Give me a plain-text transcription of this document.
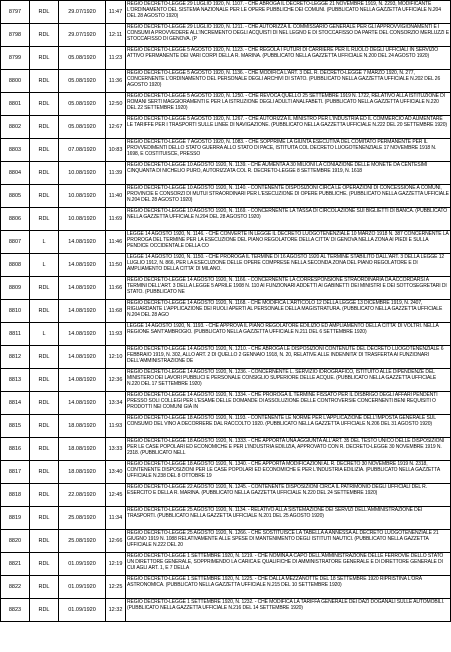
8797	RDL	29.07/1920	11:47	REGIO DECRETO-LEGGE 29 LUGLIO 1920, N. 1107. - CHE ABROGA IL DECRETO-LEGGE 21 NOVEMBRE 1919, N. 2293, MODIFICANTE L'ORDINAMENTO DEL SISTEMA NAZIONALE PER LE OPERE PUBBLICHE DEI COMUNI. (PUBBLICATO NELLA GAZZETTA UFFICIALE N.204 DEL 28 AGOSTO 1920)
8798	RDL	29.07/1920	12:11	REGIO DECRETO-LEGGE 29 LUGLIO 1920, N. 1211. - CHE AUTORIZZA IL COMMISSARIO GENERALE PER GLI APPROVVIGIONAMENTI E I CONSUMI A PROVVEDERE ALL'INCREMENTO DEGLI ACQUISTI DI NEL LEGNO E DI STOCCAFISSO DA PARTE DEL CONSORZIO MERLUZZI E STOCCAFISSO DI GENOVA. (P
8799	RDL	05.08/1920	11:23	REGIO DECRETO-LEGGE 5 AGOSTO 1920, N. 1123. - CHE REGOLA I FUTURI DI CARRIERE PER IL RUOLO DEGLI UFFICIALI IN SERVIZIO ATTIVO PERMANENTE DEI VARI CORPI DELLA R. MARINA. (PUBBLICATO NELLA GAZZETTA UFFICIALE N.200 DEL 24 AGOSTO 1920)
8800	RDL	05.08/1920	11:36	REGIO DECRETO-LEGGE 5 AGOSTO 1920, N. 1136. - CHE MODIFICA L'ART. 3 DEL R. DECRETO-LEGGE 7 MARZO 1920, N. 277, CONCERNENTE L'ORDINAMENTO DEL PERSONALE DEGLI ARCHIVI DI STATO. (PUBBLICATO NELLA GAZZETTA UFFICIALE N.202 DEL 26 AGOSTO 1920)
8801	RDL	05.08/1920	12:50	REGIO DECRETO-LEGGE 5 AGOSTO 1920, N. 1250. - CHE REVOCA QUELLO 25 SETTEMBRE 1919 N. 1722, RELATIVO ALLA ISTITUZIONE DI ROMANI SERTI MAGGIORAMENTI E PER LA ISTRUZIONE DEGLI ADULTI ANALFABETI. (PUBBLICATO NELLA GAZZETTA UFFICIALE N.220 DEL 22 SETTEMBRE 1920)
8802	RDL	05.08/1920	12:67	REGIO DECRETO-LEGGE 5 AGOSTO 1920, N. 1267. - CHE AUTORIZZA IL MINISTRO PER L'INDUSTRIA ED IL COMMERCIO AD AUMENTARE LE TARIFFE PER I TRASPORTI SULLE LINEE DI NAVIGAZIONE. (PUBBLICATO NELLA GAZZETTA UFFICIALE N.222 DEL 20 SETTEMBRE 1920)
8803	RDL	07.08/1920	10:83	REGIO DECRETO-LEGGE 7 AGOSTO 1920, N. 1083. - CHE SOPPRIME LA GIUNTA ESECUTIVA DEL COMITATO PERMANENTE PER IL PROVVEDIMENTI DELLO STATO GUERRA ALLO STATO DI PACE, ISTITUITA COL DECRETO LUOGOTENENZIALE 17 NOVEMBRE 1918 N. 1698, E COSTITUISCE, PRESSO
8804	RDL	10.08/1920	11:39	REGIO DECRETO-LEGGE 10 AGOSTO 1920, N. 1139. - CHE AUMENTA A 30 MILIONI LA CONIAZIONE DELLE MONETE DA CENTESIMI CINQUANTA DI NICHELIO PURO, AUTORIZZATA COL R. DECRETO-LEGGE 8 SETTEMBRE 1919, N. 1618
8805	RDL	10.08/1920	11:40	REGIO DECRETO-LEGGE 10 AGOSTO 1920, N. 1140. - CONTENENTE DISPOSIZIONI CIRCA LE OPERAZIONI DI CONCESSIONE A COMUNI, PROVINCIE E CONSORZI DI MUTUI STRAORDINARI PER L'ESECUZIONE DI OPERE PUBBLICHE. (PUBBLICATO NELLA GAZZETTA UFFICIALE N.204 DEL 28 AGOSTO 1920)
8806	RDL	10.08/1920	11:69	REGIO DECRETO-LEGGE 10 AGOSTO 1920, N. 1169. - CONCERNENTE LA TASSA DI CIRCOLAZIONE SUI BIGLIETTI DI BANCA. (PUBBLICATO NELLA GAZZETTA UFFICIALE N.204 DEL 28 AGOSTO 1920)
8807	L	14.08/1920	11:46	LEGGE 14 AGOSTO 1920, N. 1146. - CHE CONVERTE IN LEGGE IL DECRETO LUOGOTENENZIALE 10 MARZO 1918 N. 387 CONCERNENTE LA PROROGA DEL TERMINE PER LA ESECUZIONE DEL PIANO REGOLATORE DELLA CITTA' DI GENOVA NELLA ZONA AI PIEDI E SULLA PENDICE OCCIDENTALE DELLA CO
8808	L	14.08/1920	11:50	LEGGE 14 AGOSTO 1920, N. 1150. - CHE PROROGA IL TERMINE DI 16 AGOSTO 1920 AL TERMINE STABILITO DALL'ART. 3 DELLA LEGGE 12 LUGLIO 1912, N. 866, PER LA ESECUZIONE DELLE OPERE COMPRESE NELLA SECONDA ZONA DEL PIANO REGOLATORE E DI AMPLIAMENTO DELLA CITTA' DI MILANO.
8809	RDL	14.08/1920	11:66	REGIO DECRETO-LEGGE 14 AGOSTO 1920, N. 1166. - CONCERNENTE LA CORRESPONSIONE STRAORDINARIA DA ACCORDARSI A TERMINI DELL'ART. 3 DELLA LEGGE 5 APRILE 1908 N. 110 AI FUNZIONARI ADDETTI AI GABINETTI DEI MINISTRI E DEI SOTTOSEGRETARI DI STATO. (PUBBLICATO NE
8810	RDL	14.08/1920	11:68	REGIO DECRETO-LEGGE 14 AGOSTO 1920, N. 1168. - CHE MODIFICA L'ARTICOLO 12 DELLA LEGGE 13 DICEMBRE 1919, N. 2407, RIGUARDANTE L'APPLICAZIONE DEI RUOLI APERTI AL PERSONALE DELLA MAGISTRATURA. (PUBBLICATO NELLA GAZZETTA UFFICIALE N.204 DEL 28 AGO
8811	L	14.08/1920	11:93	LEGGE 14 AGOSTO 1920, N. 1193. - CHE APPROVA IL PIANO REGOLATORE EDILIZIO ED AMPLIAMENTO DELLA CITTA' DI VOLTRI. NELLA REGIONE SANT'AMBROGIO. (PUBBLICATO NELLA GAZZETTA UFFICIALE N.211 DEL 6 SETTEMBRE 1920)
8812	RDL	14.08/1920	12:10	REGIO DECRETO-LEGGE 14 AGOSTO 1920, N. 1210. - CHE ABROGA LE DISPOSIZIONI CONTENUTE DEL DECRETO LUOGOTENENZIALE 6 FEBBRAIO 1919, N. 302, ALLO ART. 2 DI QUELLO 2 GENNAIO 1918, N. 20, RELATIVE ALLE INDENNITA' DI TRASFERTA AI FUNZIONARI DELL'AMMINISTRAZIONE DE
8813	RDL	14.08/1920	12:36	REGIO DECRETO-LEGGE 14 AGOSTO 1920, N. 1236. - CONCERNENTE L. SERVIZIO IDROGRAFICO, ISTITUITO ALLE DIPENDENZE DEL MINISTERO DEI LAVORI PUBBLICI E PERSONALE CONSIGLIO SUPERIORE DELLE ACQUE. (PUBBLICATO NELLA GAZZETTA UFFICIALE N.220 DEL 17 SETTEMBRE 1920)
8814	RDL	14.08/1920	13:34	REGIO DECRETO-LEGGE 14 AGOSTO 1920, N. 1334. - CHE PROROGA IL TERMINE FISSATO PER IL DISBRIGO DEGLI AFFARI PENDENTI PRESSO SOLI COLLEGI PER L'ESAME DELLE DOMANDE DI ASSOLUZIONE DELLE CONTROVERSIE CONCERNENTI BENI REQUISITI O PRODOTTI NEI COMUNI GIÀ IN
8815	RDL	18.08/1920	11:93	REGIO DECRETO-LEGGE 18 AGOSTO 1920, N. 1193. - CONTENENTE LE NORME PER L'APPLICAZIONE DELL'IMPOSTA GENERALE SUL CONSUMO DEL VINO A DECORRERE DAL RACCOLTO 1920. (PUBBLICATO NELLA GAZZETTA UFFICIALE N.206 DEL 31 AGOSTO 1920)
8816	RDL	18.08/1920	13:33	REGIO DECRETO-LEGGE 18 AGOSTO 1920, N. 1333. - CHE APPORTA UNA AGGIUNTA ALL'ART. 35 DEL TESTO UNICO DELLE DISPOSIZIONI PER LE CASE POPOLARI ED ECONOMICHE E PER L'INDUSTRIA EDILIZIA, APPROVATO CON R. DECRETO-LEGGE 30 NOVEMBRE 1919 N. 2318. (PUBBLICATO NELL
8817	RDL	18.08/1920	13:40	REGIO DECRETO-LEGGE 18 AGOSTO 1920, N. 1340. - CHE APPORTA MODIFICAZIONI AL R. DECRETO 30 NOVEMBRE 1919 N. 2318, CONTENENTE DISPOSIZIONI PER LE CASE POPOLARI ED ECONOMICHE E PER L'INDUSTRIA EDILIZIA. (PUBBLICATO NELLA GAZZETTA UFFICIALE N.238 DEL 8 OTTOBRE 19
8818	RDL	22.08/1920	12:45	REGIO DECRETO-LEGGE 22 AGOSTO 1920, N. 1245. - CONTENENTE DISPOSIZIONI CIRCA IL PATRIMONIO DEGLI UFFICIALI DEL R. ESERCITO E DELLA R. MARINA. (PUBBLICATO NELLA GAZZETTA UFFICIALE N.220 DEL 24 SETTEMBRE 1920)
8819	RDL	25.08/1920	11:34	REGIO DECRETO-LEGGE 25 AGOSTO 1920, N. 1134. - RELATIVO ALLA SISTEMAZIONE DEI SERVIZI DELL'AMMINISTRAZIONE DEI TRASPORTI. (PUBBLICATO NELLA GAZZETTA UFFICIALE N.201 DEL 25 AGOSTO 1920)
8820	RDL	25.08/1920	12:66	REGIO DECRETO-LEGGE 25 AGOSTO 1920, N. 1266. - CHE SOSTITUISCE LA TABELLA A ANNESSA AL DECRETO LUOGOTENENZIALE 21 GIUGNO 1919 N. 1088 RELATIVAMENTE ALLE SPESE DI MANTENIMENTO DEGLI ISTITUTI NAUTICI. (PUBBLICATO NELLA GAZZETTA UFFICIALE N.222 DEL 20
8821	RDL	01.09/1920	12:19	REGIO DECRETO-LEGGE 1 SETTEMBRE 1920, N. 1219. - CHE NOMINA A CAPO DELL'AMMINISTRAZIONE DELLE FERROVIE DELLO STATO UN DIRETTORE GENERALE, SOPPRIMENDO LA CARICA E QUALIFICHE DI AMMINISTRATORE GENERALE E DI DIRETTORE GENERALE DI CUI AGLI ART. 1, E 7 DELLA
8822	RDL	01.09/1920	12:25	REGIO DECRETO-LEGGE 1 SETTEMBRE 1920, N. 1225. - CHE DALLA MEZZANOTTE DEL 18 SETTEMBRE 1920 RIPRISTINA L'ORA ASTRONOMICA. (PUBBLICATO NELLA GAZZETTA UFFICIALE N.215 DEL 10 SETTEMBRE 1920)
8823	RDL	01.09/1920	12:32	REGIO DECRETO-LEGGE 1 SETTEMBRE 1920, N. 1232. - CHE MODIFICA LA TARIFFA GENERALE DEI DAZI DOGANALI SULLE AUTOMOBILI. (PUBBLICATO NELLA GAZZETTA UFFICIALE N.216 DEL 14 SETTEMBRE 1920)
